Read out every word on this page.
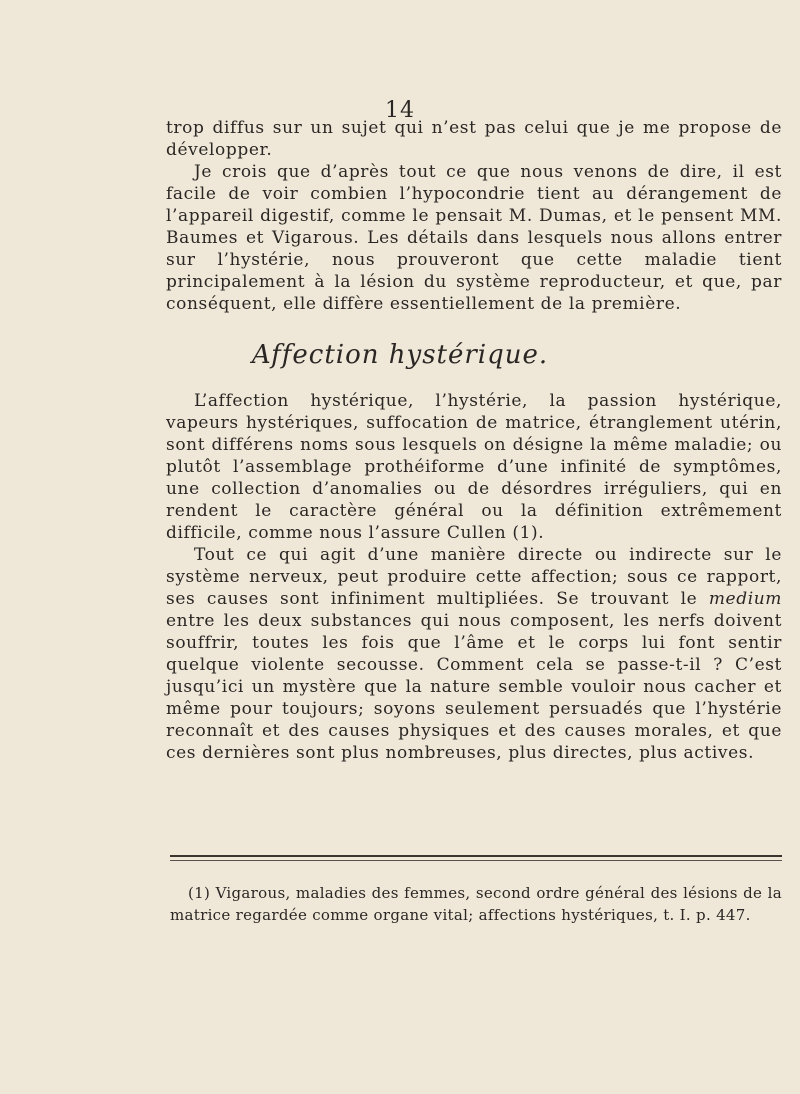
14

trop diffus sur un sujet qui n’est pas celui que je me propose de développer.

Je crois que d’après tout ce que nous venons de dire, il est facile de voir combien l’hypocondrie tient au dérangement de l’appareil digestif, comme le pensait M. Dumas, et le pensent MM. Baumes et Vigarous. Les détails dans lesquels nous allons entrer sur l’hystérie, nous prouveront que cette maladie tient principalement à la lésion du système reproducteur, et que, par conséquent, elle diffère essentiellement de la première.

Affection hystérique.

L’affection hystérique, l’hystérie, la passion hystérique, vapeurs hystériques, suffocation de matrice, étranglement utérin, sont différens noms sous lesquels on désigne la même maladie; ou plutôt l’assemblage prothéiforme d’une infinité de symptômes, une collection d’anomalies ou de désordres irréguliers, qui en rendent le caractère général ou la définition extrêmement difficile, comme nous l’assure Cullen (1).

Tout ce qui agit d’une manière directe ou indirecte sur le système nerveux, peut produire cette affection; sous ce rapport, ses causes sont infiniment multipliées. Se trouvant le medium entre les deux substances qui nous composent, les nerfs doivent souffrir, toutes les fois que l’âme et le corps lui font sentir quelque violente secousse. Comment cela se passe-t-il ? C’est jusqu’ici un mystère que la nature semble vouloir nous cacher et même pour toujours; soyons seulement persuadés que l’hystérie reconnaît et des causes physiques et des causes morales, et que ces dernières sont plus nombreuses, plus directes, plus actives.

(1) Vigarous, maladies des femmes, second ordre général des lésions de la matrice regardée comme organe vital; affections hystériques, t. I. p. 447.
